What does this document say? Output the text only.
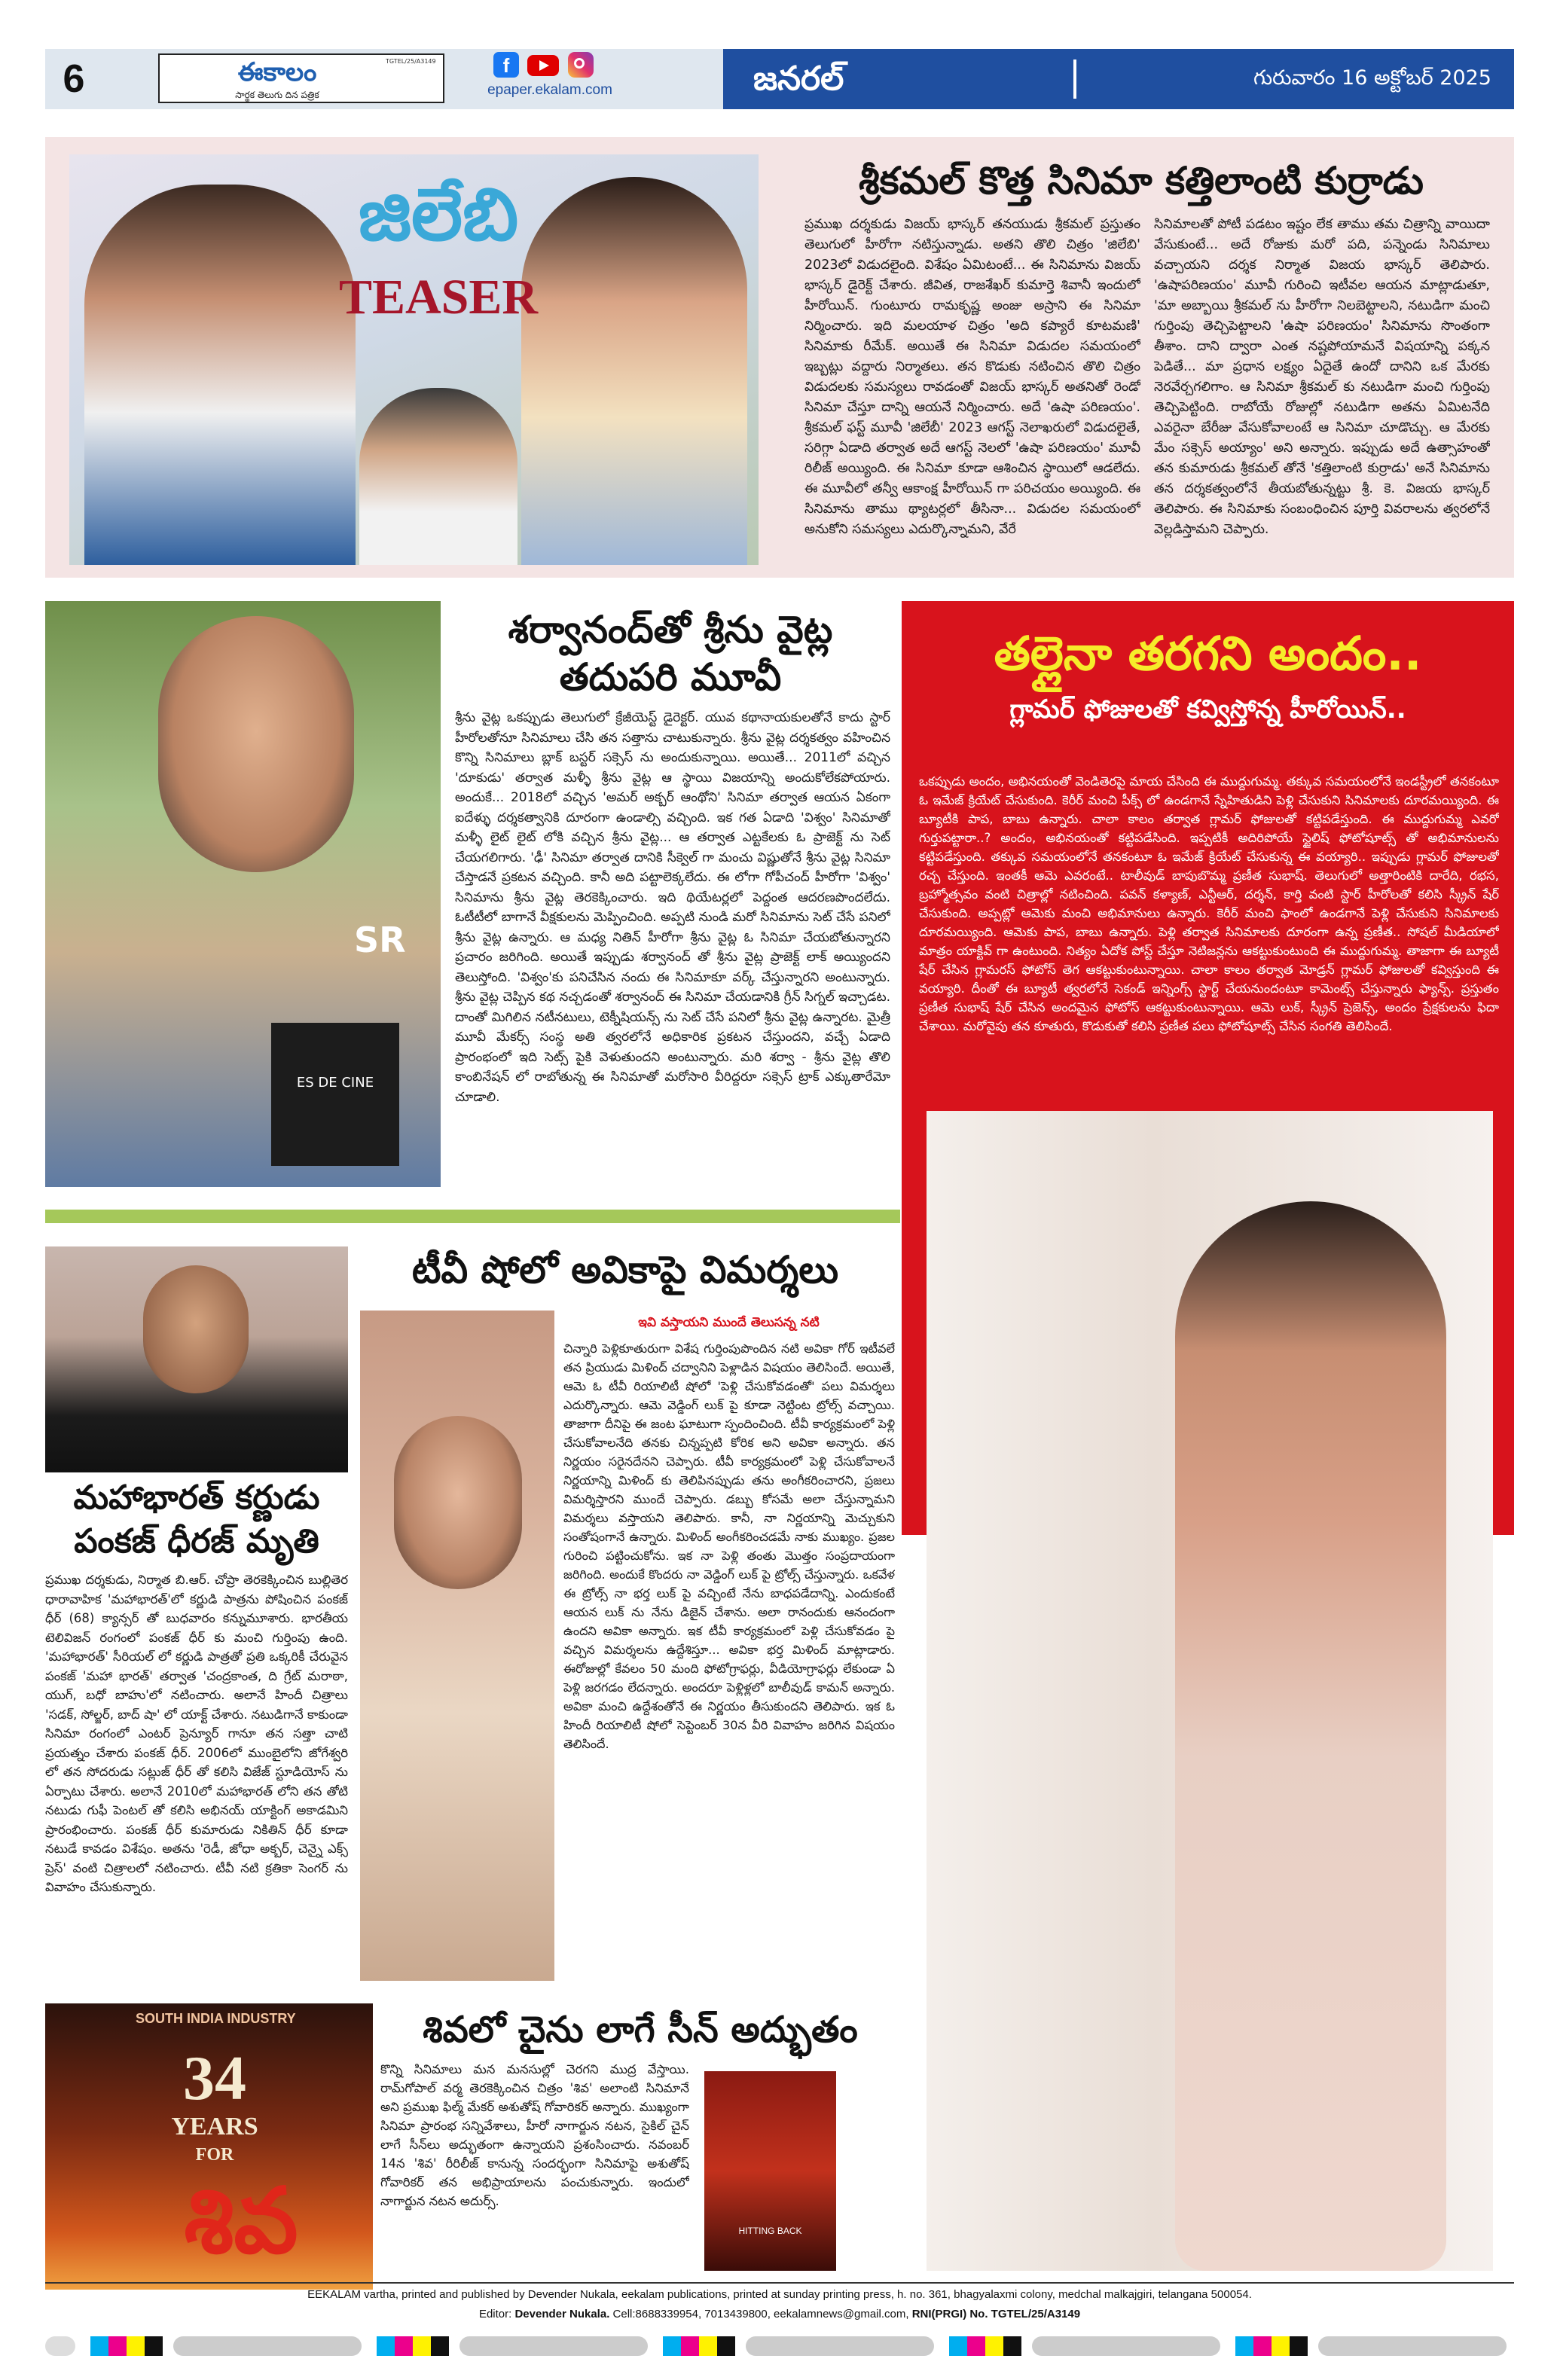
6	ఈకాలం	TGTEL/25/A3149
సార్థక తెలుగు దిన పత్రిక
f
epaper.ekalam.com	జనరల్	గురువారం 16 అక్టోబర్ 2025
జిలేబి
TEASER
శ్రీకమల్ కొత్త సినిమా కత్తిలాంటి కుర్రాడు
ప్రముఖ దర్శకుడు విజయ్ భాస్కర్ తనయుడు శ్రీకమల్ ప్రస్తుతం తెలుగులో హీరోగా నటిస్తున్నాడు. అతని తొలి చిత్రం 'జిలేబి' 2023లో విడుదలైంది. విశేషం ఏమిటంటే... ఈ సినిమాను విజయ్ భాస్కర్ డైరెక్ట్ చేశారు. జీవిత, రాజశేఖర్ కుమార్తె శివానీ ఇందులో హీరోయిన్. గుంటూరు రామకృష్ణ అంజు అస్రాని ఈ సినిమా నిర్మించారు. ఇది మలయాళ చిత్రం 'అది కప్యారే కూటమణి' సినిమాకు రీమేక్. అయితే ఈ సినిమా విడుదల సమయంలో ఇబ్బట్లు వద్దారు నిర్మాతలు. తన కొడుకు నటించిన తొలి చిత్రం విడుదలకు సమస్యలు రావడంతో విజయ్ భాస్కర్ అతనితో రెండో సినిమా చేస్తూ దాన్ని ఆయనే నిర్మించారు. అదే 'ఉషా పరిణయం'. శ్రీకమల్ ఫస్ట్ మూవీ 'జిలేబీ' 2023 ఆగస్ట్ నెలాఖరులో విడుదలైతే, సరిగ్గా ఏడాది తర్వాత అదే ఆగస్ట్ నెలలో 'ఉషా పరిణయం' మూవీ రిలీజ్ అయ్యింది. ఈ సినిమా కూడా ఆశించిన స్థాయిలో ఆడలేదు. ఈ మూవీలో తన్వీ ఆకాంక్ష హీరోయిన్ గా పరిచయం అయ్యింది. ఈ సినిమాను తాము థ్యాటర్లలో తీసినా... విడుదల సమయంలో అనుకోని సమస్యలు ఎదుర్కొన్నామని, వేరే
సినిమాలతో పోటీ పడటం ఇష్టం లేక తాము తమ చిత్రాన్ని వాయిదా వేసుకుంటే... అదే రోజుకు మరో పది, పన్నెండు సినిమాలు వచ్చాయని దర్శక నిర్మాత విజయ భాస్కర్ తెలిపారు. 'ఉషాపరిణయం' మూవీ గురించి ఇటీవల ఆయన మాట్లాడుతూ, 'మా అబ్బాయి శ్రీకమల్ ను హీరోగా నిలబెట్టాలని, నటుడిగా మంచి గుర్తింపు తెచ్చిపెట్టాలని 'ఉషా పరిణయం' సినిమాను సొంతంగా తీశాం. దాని ద్వారా ఎంత నష్టపోయామనే విషయాన్ని పక్కన పెడితే... మా ప్రధాన లక్ష్యం ఏదైతే ఉందో దానిని ఒక మేరకు నెరవేర్చగలిగాం. ఆ సినిమా శ్రీకమల్ కు నటుడిగా మంచి గుర్తింపు తెచ్చిపెట్టింది. రాబోయే రోజుల్లో నటుడిగా అతను ఏమిటనేది ఎవరైనా బేరీజు వేసుకోవాలంటే ఆ సినిమా చూడొచ్చు. ఆ మేరకు మేం సక్సెస్ అయ్యాం' అని అన్నారు. ఇప్పుడు అదే ఉత్సాహంతో తన కుమారుడు శ్రీకమల్ తోనే 'కత్తిలాంటి కుర్రాడు' అనే సినిమాను తన దర్శకత్వంలోనే తీయబోతున్నట్టు శ్రీ. కె. విజయ భాస్కర్ తెలిపారు. ఈ సినిమాకు సంబంధించిన పూర్తి వివరాలను త్వరలోనే వెల్లడిస్తామని చెప్పారు.
SR
ES DE CINE
శర్వానంద్‌తో శ్రీను వైట్ల
తదుపరి మూవీ
శ్రీను వైట్ల ఒకప్పుడు తెలుగులో క్రేజీయెస్ట్ డైరెక్టర్. యువ కథానాయకులతోనే కాదు స్టార్ హీరోలతోనూ సినిమాలు చేసి తన సత్తాను చాటుకున్నారు. శ్రీను వైట్ల దర్శకత్వం వహించిన కొన్ని సినిమాలు బ్లాక్ బస్టర్ సక్సెస్ ను అందుకున్నాయి. అయితే... 2011లో వచ్చిన 'దూకుడు' తర్వాత మళ్ళీ శ్రీను వైట్ల ఆ స్థాయి విజయాన్ని అందుకోలేకపోయారు. అందుకే... 2018లో వచ్చిన 'అమర్ అక్బర్ ఆంథోని' సినిమా తర్వాత ఆయన ఏకంగా ఐదేళ్ళు దర్శకత్వానికి దూరంగా ఉండాల్సి వచ్చింది. ఇక గత ఏడాది 'విశ్వం' సినిమాతో మళ్ళీ లైట్ లైట్ లోకి వచ్చిన శ్రీను వైట్ల... ఆ తర్వాత ఎట్టకేలకు ఓ ప్రాజెక్ట్ ను సెట్ చేయగలిగారు. 'ఢీ' సినిమా తర్వాత దానికి సీక్వెల్ గా మంచు విష్ణుతోనే శ్రీను వైట్ల సినిమా చేస్తాడనే ప్రకటన వచ్చింది. కానీ అది పట్టాలెక్కలేదు. ఈ లోగా గోపీచంద్ హీరోగా 'విశ్వం' సినిమాను శ్రీను వైట్ల తెరకెక్కించారు. ఇది థియేటర్లలో పెద్దంత ఆదరణపొందలేదు. ఓటీటీలో బాగానే వీక్షకులను మెప్పించింది. అప్పటి నుండి మరో సినిమాను సెట్ చేసే పనిలో శ్రీను వైట్ల ఉన్నారు. ఆ మధ్య నితిన్ హీరోగా శ్రీను వైట్ల ఓ సినిమా చేయబోతున్నారని ప్రచారం జరిగింది. అయితే ఇప్పుడు శర్వానంద్ తో శ్రీను వైట్ల ప్రాజెక్ట్ లాక్ అయ్యిందని తెలుస్తోంది. 'విశ్వం'కు పనిచేసిన నందు ఈ సినిమాకూ వర్క్ చేస్తున్నారని అంటున్నారు. శ్రీను వైట్ల చెప్పిన కథ నచ్చడంతో శర్వానంద్ ఈ సినిమా చేయడానికి గ్రీన్ సిగ్నల్ ఇచ్చాడట. దాంతో మిగిలిన నటీనటులు, టెక్నీషియన్స్ ను సెట్ చేసే పనిలో శ్రీను వైట్ల ఉన్నారట. మైత్రీ మూవీ మేకర్స్ సంస్థ అతి త్వరలోనే అధికారిక ప్రకటన చేస్తుందని, వచ్చే ఏడాది ప్రారంభంలో ఇది సెట్స్ పైకి వెళుతుందని అంటున్నారు. మరి శర్వా - శ్రీను వైట్ల తొలి కాంబినేషన్ లో రాబోతున్న ఈ సినిమాతో మరోసారి వీరిద్దరూ సక్సెస్ ట్రాక్ ఎక్కుతారేమో చూడాలి.
తల్లైనా తరగని అందం..
గ్లామర్ ఫోజులతో కవ్విస్తోన్న హీరోయిన్..
ఒకప్పుడు అందం, అభినయంతో వెండితెరపై మాయ చేసింది ఈ ముద్దుగుమ్మ. తక్కువ సమయంలోనే ఇండస్ట్రీలో తనకంటూ ఓ ఇమేజ్ క్రియేట్ చేసుకుంది. కెరీర్ మంచి పీక్స్ లో ఉండగానే స్నేహితుడిని పెళ్లి చేసుకుని సినిమాలకు దూరమయ్యింది. ఈ బ్యూటీకి పాప, బాబు ఉన్నారు. చాలా కాలం తర్వాత గ్లామర్ ఫోజులతో కట్టిపడేస్తుంది. ఈ ముద్దుగుమ్మ ఎవరో గుర్తుపట్టారా..? అందం, అభినయంతో కట్టిపడేసింది. ఇప్పటికీ అదిరిపోయే స్టైలిష్ ఫోటోషూట్స్ తో అభిమానులను కట్టిపడేస్తుంది. తక్కువ సమయంలోనే తనకంటూ ఓ ఇమేజ్ క్రియేట్ చేసుకున్న ఈ వయ్యారి.. ఇప్పుడు గ్లామర్ ఫోజులతో రచ్చ చేస్తుంది. ఇంతకీ ఆమె ఎవరంటే.. టాలీవుడ్ బాపుబొమ్మ ప్రణీత సుభాష్. తెలుగులో అత్తారింటికి దారేది, రభస, బ్రహ్మోత్సవం వంటి చిత్రాల్లో నటించింది. పవన్ కళ్యాణ్, ఎన్టీఆర్, దర్శన్, కార్తి వంటి స్టార్ హీరోలతో కలిసి స్క్రీన్ షేర్ చేసుకుంది. అప్పట్లో ఆమెకు మంచి అభిమానులు ఉన్నారు. కెరీర్ మంచి ఫాంలో ఉండగానే పెళ్లి చేసుకుని సినిమాలకు దూరమయ్యింది. ఆమెకు పాప, బాబు ఉన్నారు. పెళ్లి తర్వాత సినిమాలకు దూరంగా ఉన్న ప్రణీత.. సోషల్ మీడియాలో మాత్రం యాక్టివ్ గా ఉంటుంది. నిత్యం ఏదోక పోస్ట్ చేస్తూ నెటిజన్లను ఆకట్టుకుంటుంది ఈ ముద్దుగుమ్మ. తాజాగా ఈ బ్యూటీ షేర్ చేసిన గ్లామరస్ ఫోటోస్ తెగ ఆకట్టుకుంటున్నాయి. చాలా కాలం తర్వాత మోడ్రన్ గ్లామర్ ఫోజులతో కవ్విస్తుంది ఈ వయ్యారి. దీంతో ఈ బ్యూటీ త్వరలోనే సెకండ్ ఇన్నింగ్స్ స్టార్ట్ చేయనుందంటూ కామెంట్స్ చేస్తున్నారు ఫ్యాన్స్. ప్రస్తుతం ప్రణీత సుభాష్ షేర్ చేసిన అందమైన ఫోటోస్ ఆకట్టుకుంటున్నాయి. ఆమె లుక్, స్క్రీన్ ప్రెజెన్స్, అందం ప్రేక్షకులను ఫిదా చేశాయి. మరోవైపు తన కూతురు, కొడుకుతో కలిసి ప్రణీత పలు ఫోటోషూట్స్ చేసిన సంగతి తెలిసిందే.
మహాభారత్ కర్ణుడు
పంకజ్ ధీరజ్ మృతి
ప్రముఖ దర్శకుడు, నిర్మాత బి.ఆర్. చోప్రా తెరకెక్కించిన బుల్లితెర ధారావాహిక 'మహాభారత్'లో కర్ణుడి పాత్రను పోషించిన పంకజ్ ధీర్ (68) క్యాన్సర్ తో బుధవారం కన్నుమూశారు. భారతీయ టెలివిజన్ రంగంలో పంకజ్ ధీర్ కు మంచి గుర్తింపు ఉంది. 'మహాభారత్' సీరియల్ లో కర్ణుడి పాత్రతో ప్రతి ఒక్కరికీ చేరువైన పంకజ్ 'మహా భారత్' తర్వాత 'చంద్రకాంత, ది గ్రేట్ మరాఠా, యుగ్, బధో బాహు'లో నటించారు. అలానే హిందీ చిత్రాలు 'సడక్, సోల్జర్, బాద్ షా' లో యాక్ట్ చేశారు. నటుడిగానే కాకుండా సినిమా రంగంలో ఎంటర్ ప్రెన్యూర్ గానూ తన సత్తా చాటి ప్రయత్నం చేశారు పంకజ్ ధీర్. 2006లో ముంబైలోని జోగేశ్వరి లో తన సోదరుడు సట్లుజ్ ధీర్ తో కలిసి విజేజ్ స్టూడియోస్ ను ఏర్పాటు చేశారు. అలానే 2010లో మహాభారత్ లోని తన తోటి నటుడు గుఫీ పెంటల్ తో కలిసి అభినయ్ యాక్టింగ్ అకాడమిని ప్రారంభించారు. పంకజ్ ధీర్ కుమారుడు నికితిన్ ధీర్ కూడా నటుడే కావడం విశేషం. అతను 'రెడీ, జోధా అక్బర్, చెన్నై ఎక్స్ ప్రెస్' వంటి చిత్రాలలో నటించారు. టీవీ నటి క్రతికా సెంగర్ ను వివాహం చేసుకున్నారు.
టీవీ షోలో అవికాపై విమర్శలు
ఇవి వస్తాయని ముందే తెలుసన్న నటి
చిన్నారి పెళ్లికూతురుగా విశేష గుర్తింపుపొందిన నటి అవికా గోర్ ఇటీవలే తన ప్రియుడు మిళింద్ చద్వానిని పెళ్లాడిన విషయం తెలిసిందే. అయితే, ఆమె ఓ టీవీ రియాలిటీ షోలో 'పెళ్లి చేసుకోవడంతో' పలు విమర్శలు ఎదుర్కొన్నారు. ఆమె వెడ్డింగ్ లుక్ పై కూడా నెట్టింట ట్రోల్స్ వచ్చాయి. తాజాగా దీనిపై ఈ జంట ఘాటుగా స్పందించింది. టీవీ కార్యక్రమంలో పెళ్లి చేసుకోవాలనేది తనకు చిన్నప్పటి కోరిక అని అవికా అన్నారు. తన నిర్ణయం సరైనదేనని చెప్పారు. టీవీ కార్యక్రమంలో పెళ్లి చేసుకోవాలనే నిర్ణయాన్ని మిళింద్ కు తెలిపినప్పుడు తను అంగీకరించారని, ప్రజలు విమర్శిస్తారని ముందే చెప్పారు. డబ్బు కోసమే అలా చేస్తున్నామని విమర్శలు వస్తాయని తెలిపారు. కానీ, నా నిర్ణయాన్ని మెచ్చుకుని సంతోషంగానే ఉన్నారు. మిళింద్ అంగీకరించడమే నాకు ముఖ్యం. ప్రజల గురించి పట్టించుకోను. ఇక నా పెళ్లి తంతు మొత్తం సంప్రదాయంగా జరిగింది. అందుకే కొందరు నా వెడ్డింగ్ లుక్ పై ట్రోల్స్ చేస్తున్నారు. ఒకవేళ ఈ ట్రోల్స్ నా భర్త లుక్ పై వచ్చింటే నేను బాధపడేదాన్ని. ఎందుకంటే ఆయన లుక్ ను నేను డిజైన్ చేశాను. అలా రానందుకు ఆనందంగా ఉందని అవికా అన్నారు. ఇక టీవీ కార్యక్రమంలో పెళ్లి చేసుకోవడం పై వచ్చిన విమర్శలను ఉద్దేశిస్తూ... అవికా భర్త మిళింద్ మాట్లాడారు. ఈరోజుల్లో కేవలం 50 మంది ఫోటోగ్రాఫర్లు, వీడియోగ్రాఫర్లు లేకుండా ఏ పెళ్లి జరగడం లేదన్నారు. అందరూ పెళ్లిళ్లలో బాలీవుడ్ కామన్ అన్నారు. అవికా మంచి ఉద్దేశంతోనే ఈ నిర్ణయం తీసుకుందని తెలిపారు. ఇక ఓ హిందీ రియాలిటీ షోలో సెప్టెంబర్ 30న వీరి వివాహం జరిగిన విషయం తెలిసిందే.
SOUTH INDIA INDUSTRY
34
YEARS
FOR
శివ
శివలో చైను లాగే సీన్ అద్భుతం
కొన్ని సినిమాలు మన మనసుల్లో చెరగని ముద్ర వేస్తాయి. రామ్‌గోపాల్ వర్మ తెరకెక్కించిన చిత్రం 'శివ' అలాంటి సినిమానే అని ప్రముఖ ఫిల్మ్ మేకర్ అశుతోష్ గోవారికర్ అన్నారు. ముఖ్యంగా సినిమా ప్రారంభ సన్నివేశాలు, హీరో నాగార్జున నటన, సైకిల్ చైన్ లాగే సీన్‌లు అద్భుతంగా ఉన్నాయని ప్రశంసించారు. నవంబర్ 14న 'శివ' రీరిలీజ్ కానున్న సందర్భంగా సినిమాపై అశుతోష్ గోవారికర్ తన అభిప్రాయాలను పంచుకున్నారు. ఇందులో నాగార్జున నటన అదుర్స్.
HITTING BACK
EEKALAM vartha, printed and published by Devender Nukala, eekalam publications, printed at sunday printing press, h. no. 361, bhagyalaxmi colony, medchal malkajgiri, telangana 500054.
Editor: Devender Nukala. Cell:8688339954, 7013439800, eekalamnews@gmail.com, RNI(PRGI) No. TGTEL/25/A3149
